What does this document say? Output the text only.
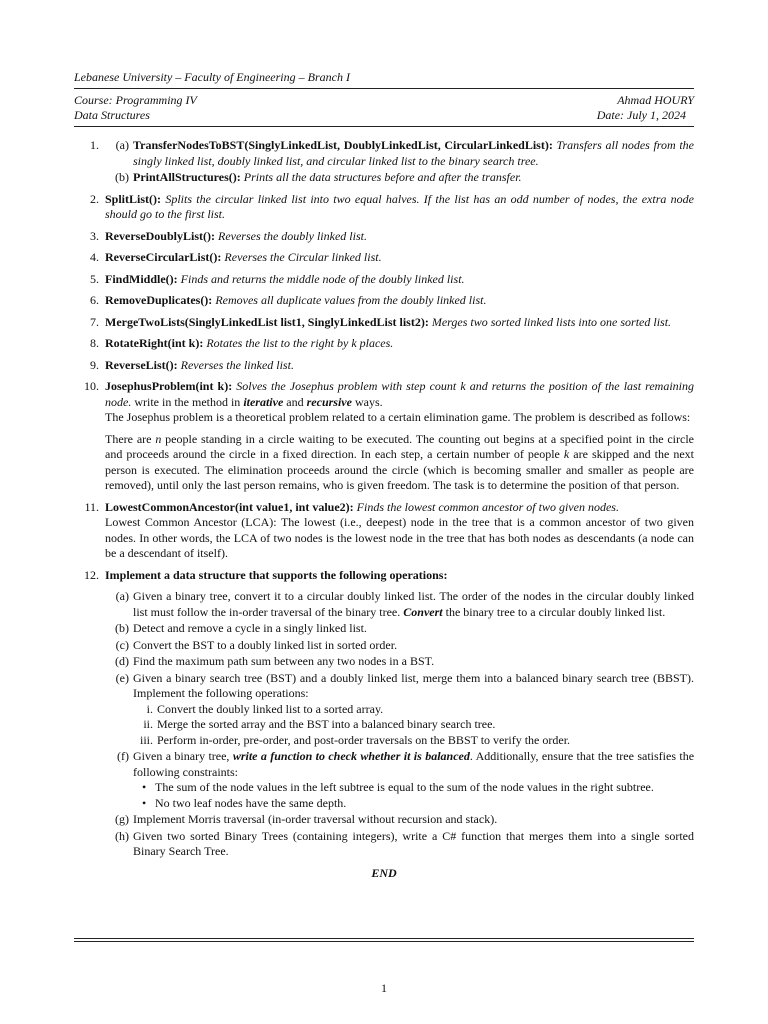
Lebanese University – Faculty of Engineering – Branch I
Course: Programming IV	Ahmad HOURY
Data Structures	Date: July 1, 2024
1.	(a) TransferNodesToBST(SinglyLinkedList, DoublyLinkedList, CircularLinkedList): Transfers all nodes from the singly linked list, doubly linked list, and circular linked list to the binary search tree.
(b) PrintAllStructures(): Prints all the data structures before and after the transfer.
2. SplitList(): Splits the circular linked list into two equal halves. If the list has an odd number of nodes, the extra node should go to the first list.
3. ReverseDoublyList(): Reverses the doubly linked list.
4. ReverseCircularList(): Reverses the Circular linked list.
5. FindMiddle(): Finds and returns the middle node of the doubly linked list.
6. RemoveDuplicates(): Removes all duplicate values from the doubly linked list.
7. MergeTwoLists(SinglyLinkedList list1, SinglyLinkedList list2): Merges two sorted linked lists into one sorted list.
8. RotateRight(int k): Rotates the list to the right by k places.
9. ReverseList(): Reverses the linked list.
10. JosephusProblem(int k): Solves the Josephus problem with step count k and returns the position of the last remaining node. write in the method in iterative and recursive ways.
The Josephus problem is a theoretical problem related to a certain elimination game. The problem is described as follows:
There are n people standing in a circle waiting to be executed. The counting out begins at a specified point in the circle and proceeds around the circle in a fixed direction. In each step, a certain number of people k are skipped and the next person is executed. The elimination proceeds around the circle (which is becoming smaller and smaller as people are removed), until only the last person remains, who is given freedom. The task is to determine the position of that person.
11. LowestCommonAncestor(int value1, int value2): Finds the lowest common ancestor of two given nodes.
Lowest Common Ancestor (LCA): The lowest (i.e., deepest) node in the tree that is a common ancestor of two given nodes. In other words, the LCA of two nodes is the lowest node in the tree that has both nodes as descendants (a node can be a descendant of itself).
12. Implement a data structure that supports the following operations:
(a) Given a binary tree, convert it to a circular doubly linked list. The order of the nodes in the circular doubly linked list must follow the in-order traversal of the binary tree. Convert the binary tree to a circular doubly linked list.
(b) Detect and remove a cycle in a singly linked list.
(c) Convert the BST to a doubly linked list in sorted order.
(d) Find the maximum path sum between any two nodes in a BST.
(e) Given a binary search tree (BST) and a doubly linked list, merge them into a balanced binary search tree (BBST). Implement the following operations:
i. Convert the doubly linked list to a sorted array.
ii. Merge the sorted array and the BST into a balanced binary search tree.
iii. Perform in-order, pre-order, and post-order traversals on the BBST to verify the order.
(f) Given a binary tree, write a function to check whether it is balanced. Additionally, ensure that the tree satisfies the following constraints:
• The sum of the node values in the left subtree is equal to the sum of the node values in the right subtree.
• No two leaf nodes have the same depth.
(g) Implement Morris traversal (in-order traversal without recursion and stack).
(h) Given two sorted Binary Trees (containing integers), write a C# function that merges them into a single sorted Binary Search Tree.
END
1
